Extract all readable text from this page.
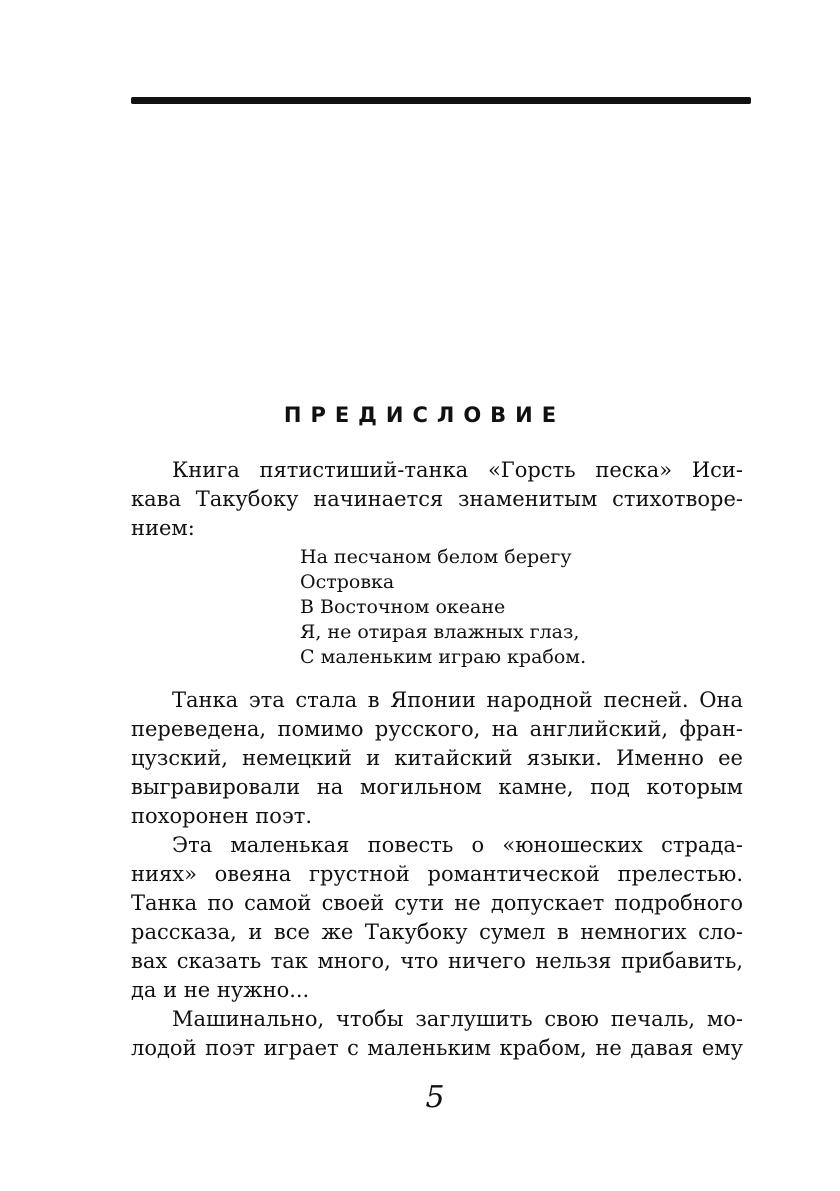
ПРЕДИСЛОВИЕ
Книга пятистиший-танка «Горсть песка» Иси-
кава Такубоку начинается знаменитым стихотворе-
нием:
На песчаном белом берегу
Островка
В Восточном океане
Я, не отирая влажных глаз,
С маленьким играю крабом.
Танка эта стала в Японии народной песней. Она
переведена, помимо русского, на английский, фран-
цузский, немецкий и китайский языки. Именно ее
выгравировали на могильном камне, под которым
похоронен поэт.
Эта маленькая повесть о «юношеских страда-
ниях» овеяна грустной романтической прелестью.
Танка по самой своей сути не допускает подробного
рассказа, и все же Такубоку сумел в немногих сло-
вах сказать так много, что ничего нельзя прибавить,
да и не нужно...
Машинально, чтобы заглушить свою печаль, мо-
лодой поэт играет с маленьким крабом, не давая ему
5
